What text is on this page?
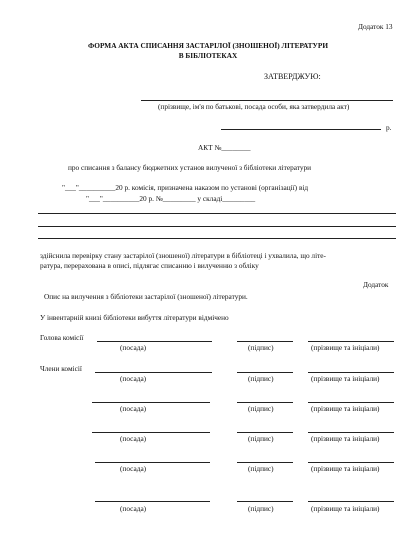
Додаток 13
ФОРМА АКТА СПИСАННЯ ЗАСТАРІЛОЇ (ЗНОШЕНОЇ) ЛІТЕРАТУРИ
В БІБЛІОТЕКАХ
ЗАТВЕРДЖУЮ:
(прізвище, ім'я по батькові, посада особи, яка затвердила акт)
р.
АКТ №________
про списання з балансу бюджетних установ вилученої з бібліотеки літератури
"___"__________20 р. комісія, призначена наказом по установі (організації) від
"___"__________20 р. №_________ у складі_________
здійснила перевірку стану застарілої (зношеної) літератури в бібліотеці і ухвалила, що літе-
ратура, перерахована в описі, підлягає списанню і вилученню з обліку
Додаток
Опис на вилучення з бібліотеки застарілої (зношеної) літератури.
У інвентарній книзі бібліотеки вибуття літератури відмічено
Голова комісії
(посада)	(підпис)	(прізвище та ініціали)
Члени комісії
(посада)	(підпис)	(прізвище та ініціали)
(посада)	(підпис)	(прізвище та ініціали)
(посада)	(підпис)	(прізвище та ініціали)
(посада)	(підпис)	(прізвище та ініціали)
(посада)	(підпис)	(прізвище та ініціали)
